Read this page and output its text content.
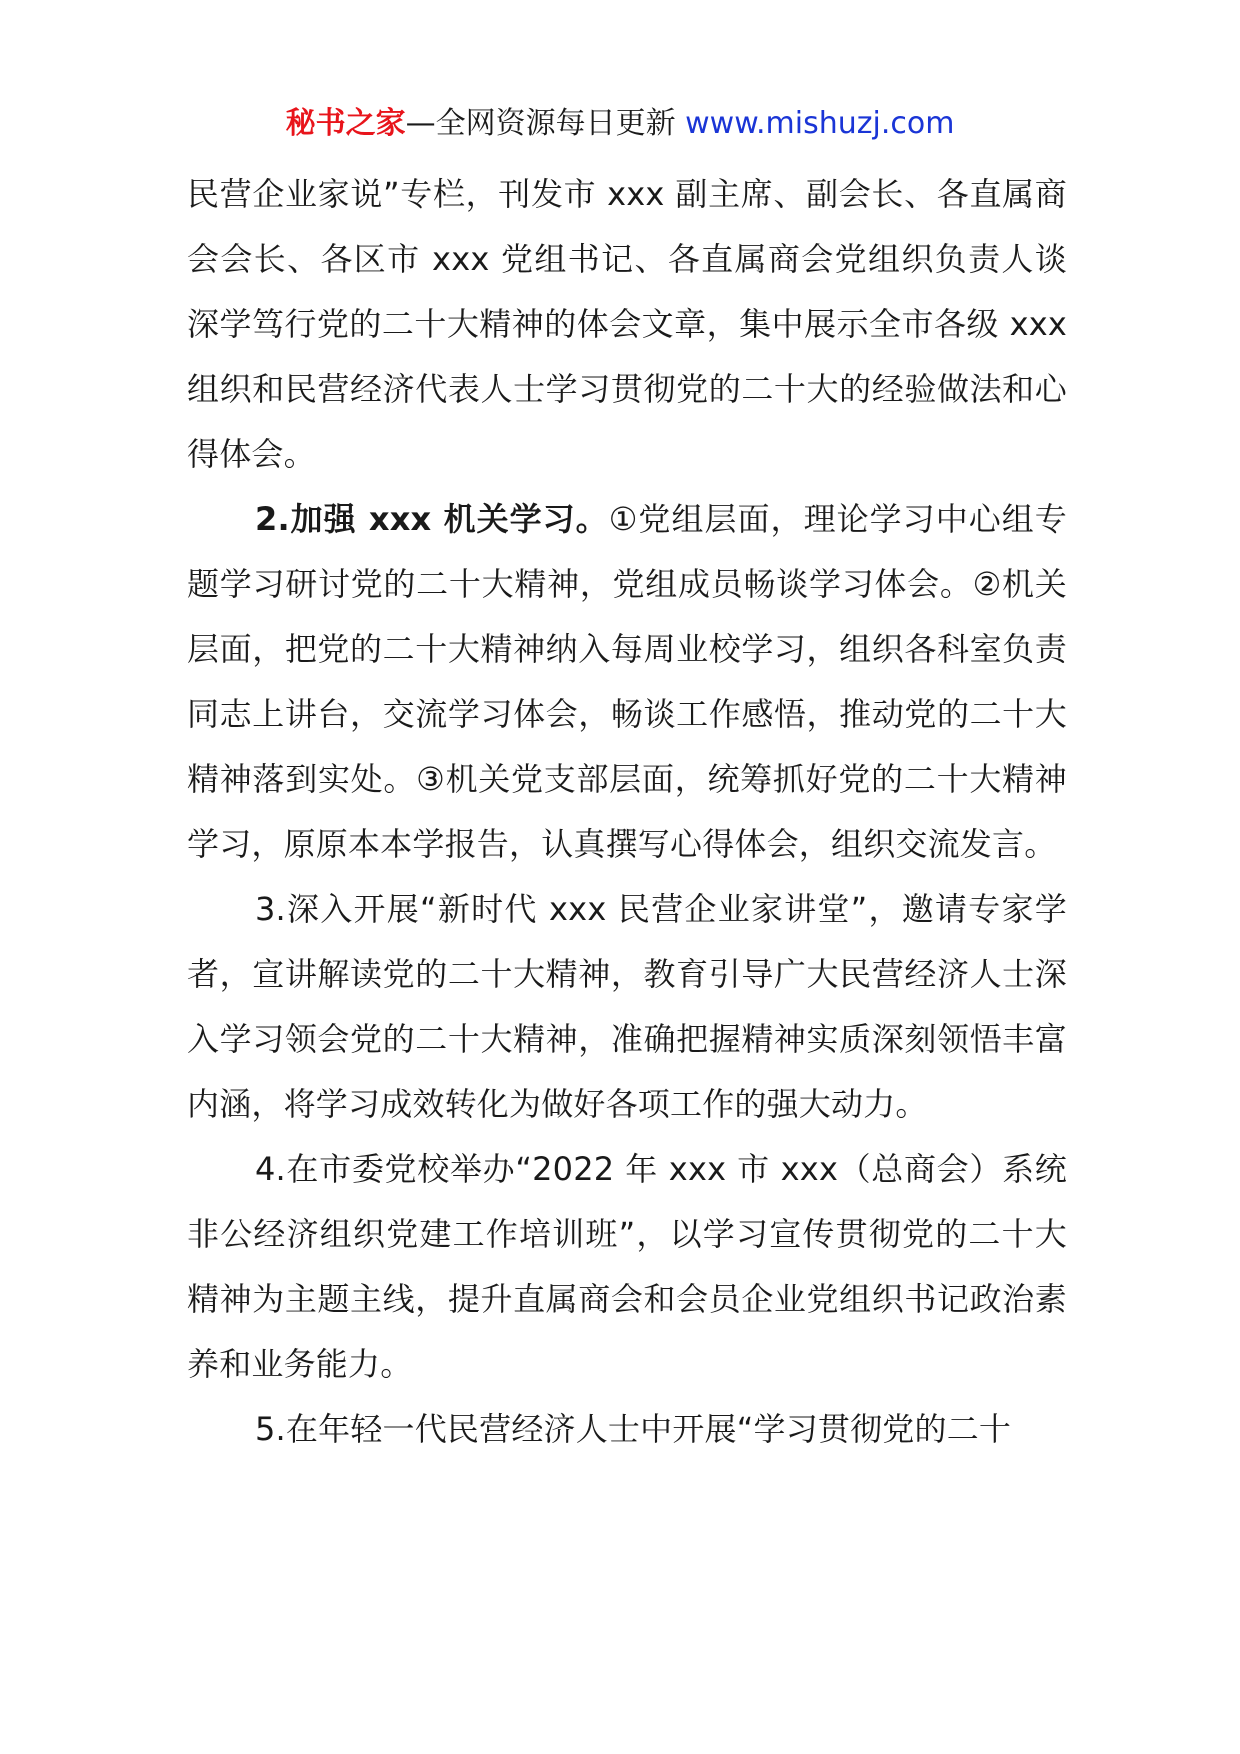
秘书之家—全网资源每日更新 www.mishuzj.com

民营企业家说”专栏，刊发市 xxx 副主席、副会长、各直属商会会长、各区市 xxx 党组书记、各直属商会党组织负责人谈深学笃行党的二十大精神的体会文章，集中展示全市各级 xxx 组织和民营经济代表人士学习贯彻党的二十大的经验做法和心得体会。

2.加强 xxx 机关学习。①党组层面，理论学习中心组专题学习研讨党的二十大精神，党组成员畅谈学习体会。②机关层面，把党的二十大精神纳入每周业校学习，组织各科室负责同志上讲台，交流学习体会，畅谈工作感悟，推动党的二十大精神落到实处。③机关党支部层面，统筹抓好党的二十大精神学习，原原本本学报告，认真撰写心得体会，组织交流发言。

3.深入开展“新时代 xxx 民营企业家讲堂”，邀请专家学者，宣讲解读党的二十大精神，教育引导广大民营经济人士深入学习领会党的二十大精神，准确把握精神实质深刻领悟丰富内涵，将学习成效转化为做好各项工作的强大动力。

4.在市委党校举办“2022 年 xxx 市 xxx（总商会）系统非公经济组织党建工作培训班”，以学习宣传贯彻党的二十大精神为主题主线，提升直属商会和会员企业党组织书记政治素养和业务能力。

5.在年轻一代民营经济人士中开展“学习贯彻党的二十
